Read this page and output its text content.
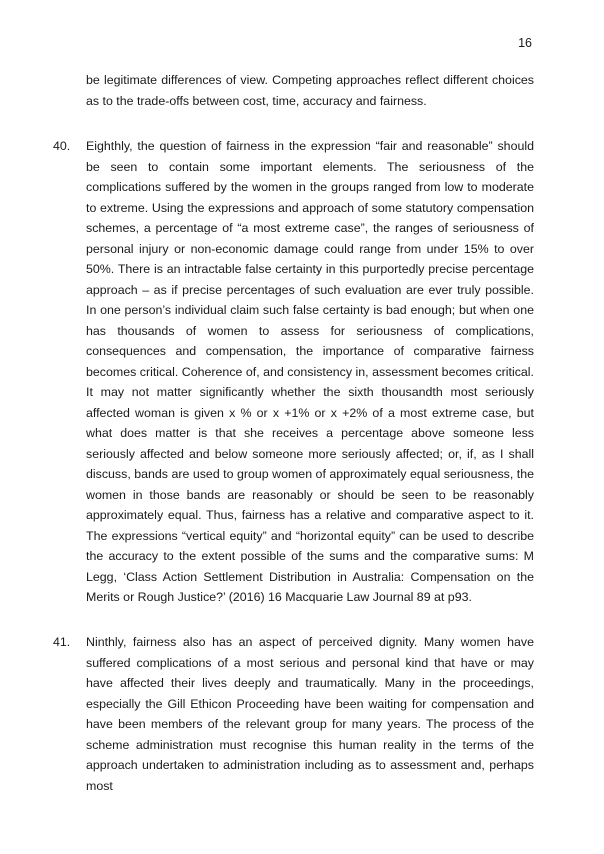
16
be legitimate differences of view. Competing approaches reflect different choices as to the trade-offs between cost, time, accuracy and fairness.
40. Eighthly, the question of fairness in the expression “fair and reasonable” should be seen to contain some important elements. The seriousness of the complications suffered by the women in the groups ranged from low to moderate to extreme. Using the expressions and approach of some statutory compensation schemes, a percentage of “a most extreme case”, the ranges of seriousness of personal injury or non-economic damage could range from under 15% to over 50%. There is an intractable false certainty in this purportedly precise percentage approach – as if precise percentages of such evaluation are ever truly possible. In one person’s individual claim such false certainty is bad enough; but when one has thousands of women to assess for seriousness of complications, consequences and compensation, the importance of comparative fairness becomes critical. Coherence of, and consistency in, assessment becomes critical. It may not matter significantly whether the sixth thousandth most seriously affected woman is given x % or x +1% or x +2% of a most extreme case, but what does matter is that she receives a percentage above someone less seriously affected and below someone more seriously affected; or, if, as I shall discuss, bands are used to group women of approximately equal seriousness, the women in those bands are reasonably or should be seen to be reasonably approximately equal. Thus, fairness has a relative and comparative aspect to it. The expressions “vertical equity” and “horizontal equity” can be used to describe the accuracy to the extent possible of the sums and the comparative sums: M Legg, ‘Class Action Settlement Distribution in Australia: Compensation on the Merits or Rough Justice?’ (2016) 16 Macquarie Law Journal 89 at p93.
41. Ninthly, fairness also has an aspect of perceived dignity. Many women have suffered complications of a most serious and personal kind that have or may have affected their lives deeply and traumatically. Many in the proceedings, especially the Gill Ethicon Proceeding have been waiting for compensation and have been members of the relevant group for many years. The process of the scheme administration must recognise this human reality in the terms of the approach undertaken to administration including as to assessment and, perhaps most
